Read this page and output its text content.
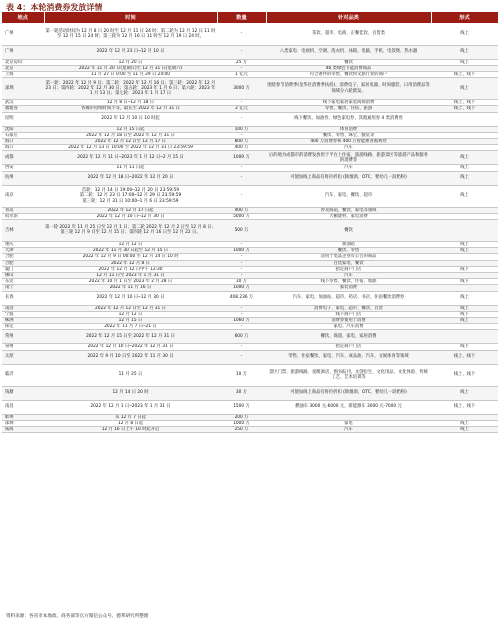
表 4：本轮消费券发放详情
地点	时间	数量	针对品类	形式
广州	第一轮活动时间为 12 月 8 日 20 时至 12 月 11 日 24 时；第二轮为 12 月 12 日 11 时至 12 月 15 日 24 时；第三轮为 12 月 16 日 11 时至 12 月 19 日 24 时。	-	茶饮、超市、电商、正餐佳饮、百货类	线上
广州	2022 年 12 月 23 日─12 月 10 日	-	八类家电：电视机、空调、洗衣机、冰箱、电脑、手机、电饭煲、热水器	线上
北京房山	12 月 20 日	25 万	餐饮	线上
北京	2022 年 11 月 20 日(星期日)至 12 月 31 日(星期六)	-	46 类绿色节能消费商品	
上海	11 月 27 日 0:00 至 11 月 29 日 24:00	1 亿元	符合条件的零售、餐饮和文旅行业的商户	线上、线下
深圳	第一轮：2022 年 12 月 9 日；第二轮：2022 年 12 月 16 日；第三轮：2022 年 12 月 23 日；第四轮：2022 年 12 月 30 日；第五轮：2023 年 1 月 6 日；第六轮：2023 年 1 月 13 日；第七轮：2023 年 1 月 17 日	3000 万	围绕春节消费季(龙华区消费季扶持)、消费电子、家居电器、时尚服装、日用消费品等领域分六轮派发。	线上
武汉	12 月 8 日─12 月 18 日	-	线下家电家居家装商场消费	线上、线下
福建省	各城市持续时间不等，最长至 2022 年 12 月 31 日	2 亿元	零售、餐饮、住宿、旅游	线上、线下
昆明	2022 年 12 月 10 日 10 时起	-	线下餐饮、加油券、绿色家电券、其他通用券 4 类消费券	
沈阳	12 月 15 日起	100 万	体育消费	
石家庄	2022 年 12 月 18 日至 2022 年 12 月 31 日	-	餐饮、零售、珠宝、服装等	
海口	2022 年 12 月 12 日至 12 月 17 日	800 万	400 万消费券和 400 万智能惠普福利券	
海口	2022 年 12 月 13 日 10:00 至 2022 年 12 月 31 日 23:59:59	400 万	汽车	
成都	2022 年 12 月 11 日─2023 年 1 月 12 日─2 月 15 日	1000 万	后的地为成都市的消费发放用于平台上住宿、旅游线路、旅游景区等旅游产品和服务的消费等	线上
西安	11 月 11 日起	-	汽车	线上
杭州	2022 年 12 月 18 日─2022 年 12 月 20 日	-	可使加线上商品有将价折扣 (除烟酒、OTC、婴幼儿一段奶粉)	线上
南京	首轮：12 月 14 日 19:00─12 月 20 日 23:59:59
第二轮：12 月 23 日 17:00─12 月 29 日 23:59:59
第三轮：12 月 31 日 10:00─1 月 6 日 23:59:59	-	汽车、家电、餐饮、超市	线上
青岛	2022 年 12 月 17 日起	400 万	涉及商超、餐饮、家电等领域	
哈尔滨	2022 年 12 月 10 日─12 月 30 日	5000 万	大额建材、家电消费	
吉林	第一轮 2022 年 11 月 25 日至 12 月 1 日；第二轮 2022 年 12 月 2 日至 12 月 8 日；第三轮 12 月 9 日至 12 月 15 日；第四轮 12 月 16 日至 12 月 22 日。	500 万	餐饮	
重庆	12 月 12 日	-	加油站	线上
天津	2022 年 11 月 30 日起至 12 月 15 日	1000 万	餐饮、零售	线上
合肥	2022 年 12 月 9 日 00:00 至 12 月 14 日 10 时	-	适用于电品企业有公告的商品	
合肥	2022 年 12 月 8 日	-	百货家电、餐饮	
厦门	2022 年 12 月 12 日中午 12:30	-	指定商户门店	线下
佛山	12 月 11 日至 2023 年 1 月 31 日	-	汽车	
东莞	2022 年 10 月 1 日至 2023 年 2 月 28 日	10 万	线下零售、餐饮、住宿、加油	线下
南宁	2022 年 11 月 16 日	1000 万	家装消费	
长春	2022 年 12 月 10 日─12 月 30 日	408.236 万	汽车、家电、加油站、超市、药店、书店、住宿餐饮消费券	线上
南昌	2022 年 12 月 12 日至 12 月 31 日	-	消费电子、家电、超市、餐饮、百货	线上
宁波	12 月 12 日	-	线下商户门店	线下
株洲	12 月 15 日	1060 万	消费券使用于消费	线上
保定	2022 年 11 月 7 日─21 日	-	家电、汽车消费	
常州	2022 年 12 月 15 日至 2022 年 12 月 31 日	600 万	餐饮、商超、家电、家居消费	
泉州	2022 年 12 月 10 日─2022 年 12 月 31 日	-	指定商户门店	线下
太原	2022 年 9 月 10 日至 2022 年 11 月 30 日	-	零售、住宿餐饮、家电、汽车、成品油、汽车、文娱体育等领域	线上、线下
临沂	11 月 25 日	10 万	景区门票、旅游线路、星级酒店、图书报刊、文创衍生、文化用品、文化体验、传统工艺、艺术培训等	线上、线下
钱塘	12 月 14 日 20 时	30 万	可使加线上商品有将价折扣 (除烟酒、OTC、婴幼儿一段奶粉)	线上
南昌	2022 年 12 月 1 日─2023 年 1 月 31 日	1500 万	燃油车 3000 元-6000 元，新能源车 3000 元-7000 元	线上、线下
蚌埠	从 12 月 7 日起	200 万		
深圳	12 月 8 日起	1000 万	家电	线上
威海	12 月 16 日上午 10 时起开启	250 万	汽车	线上
资料来源：各省市本地政、商务部等官方微信公众号、德邦研究所整理
